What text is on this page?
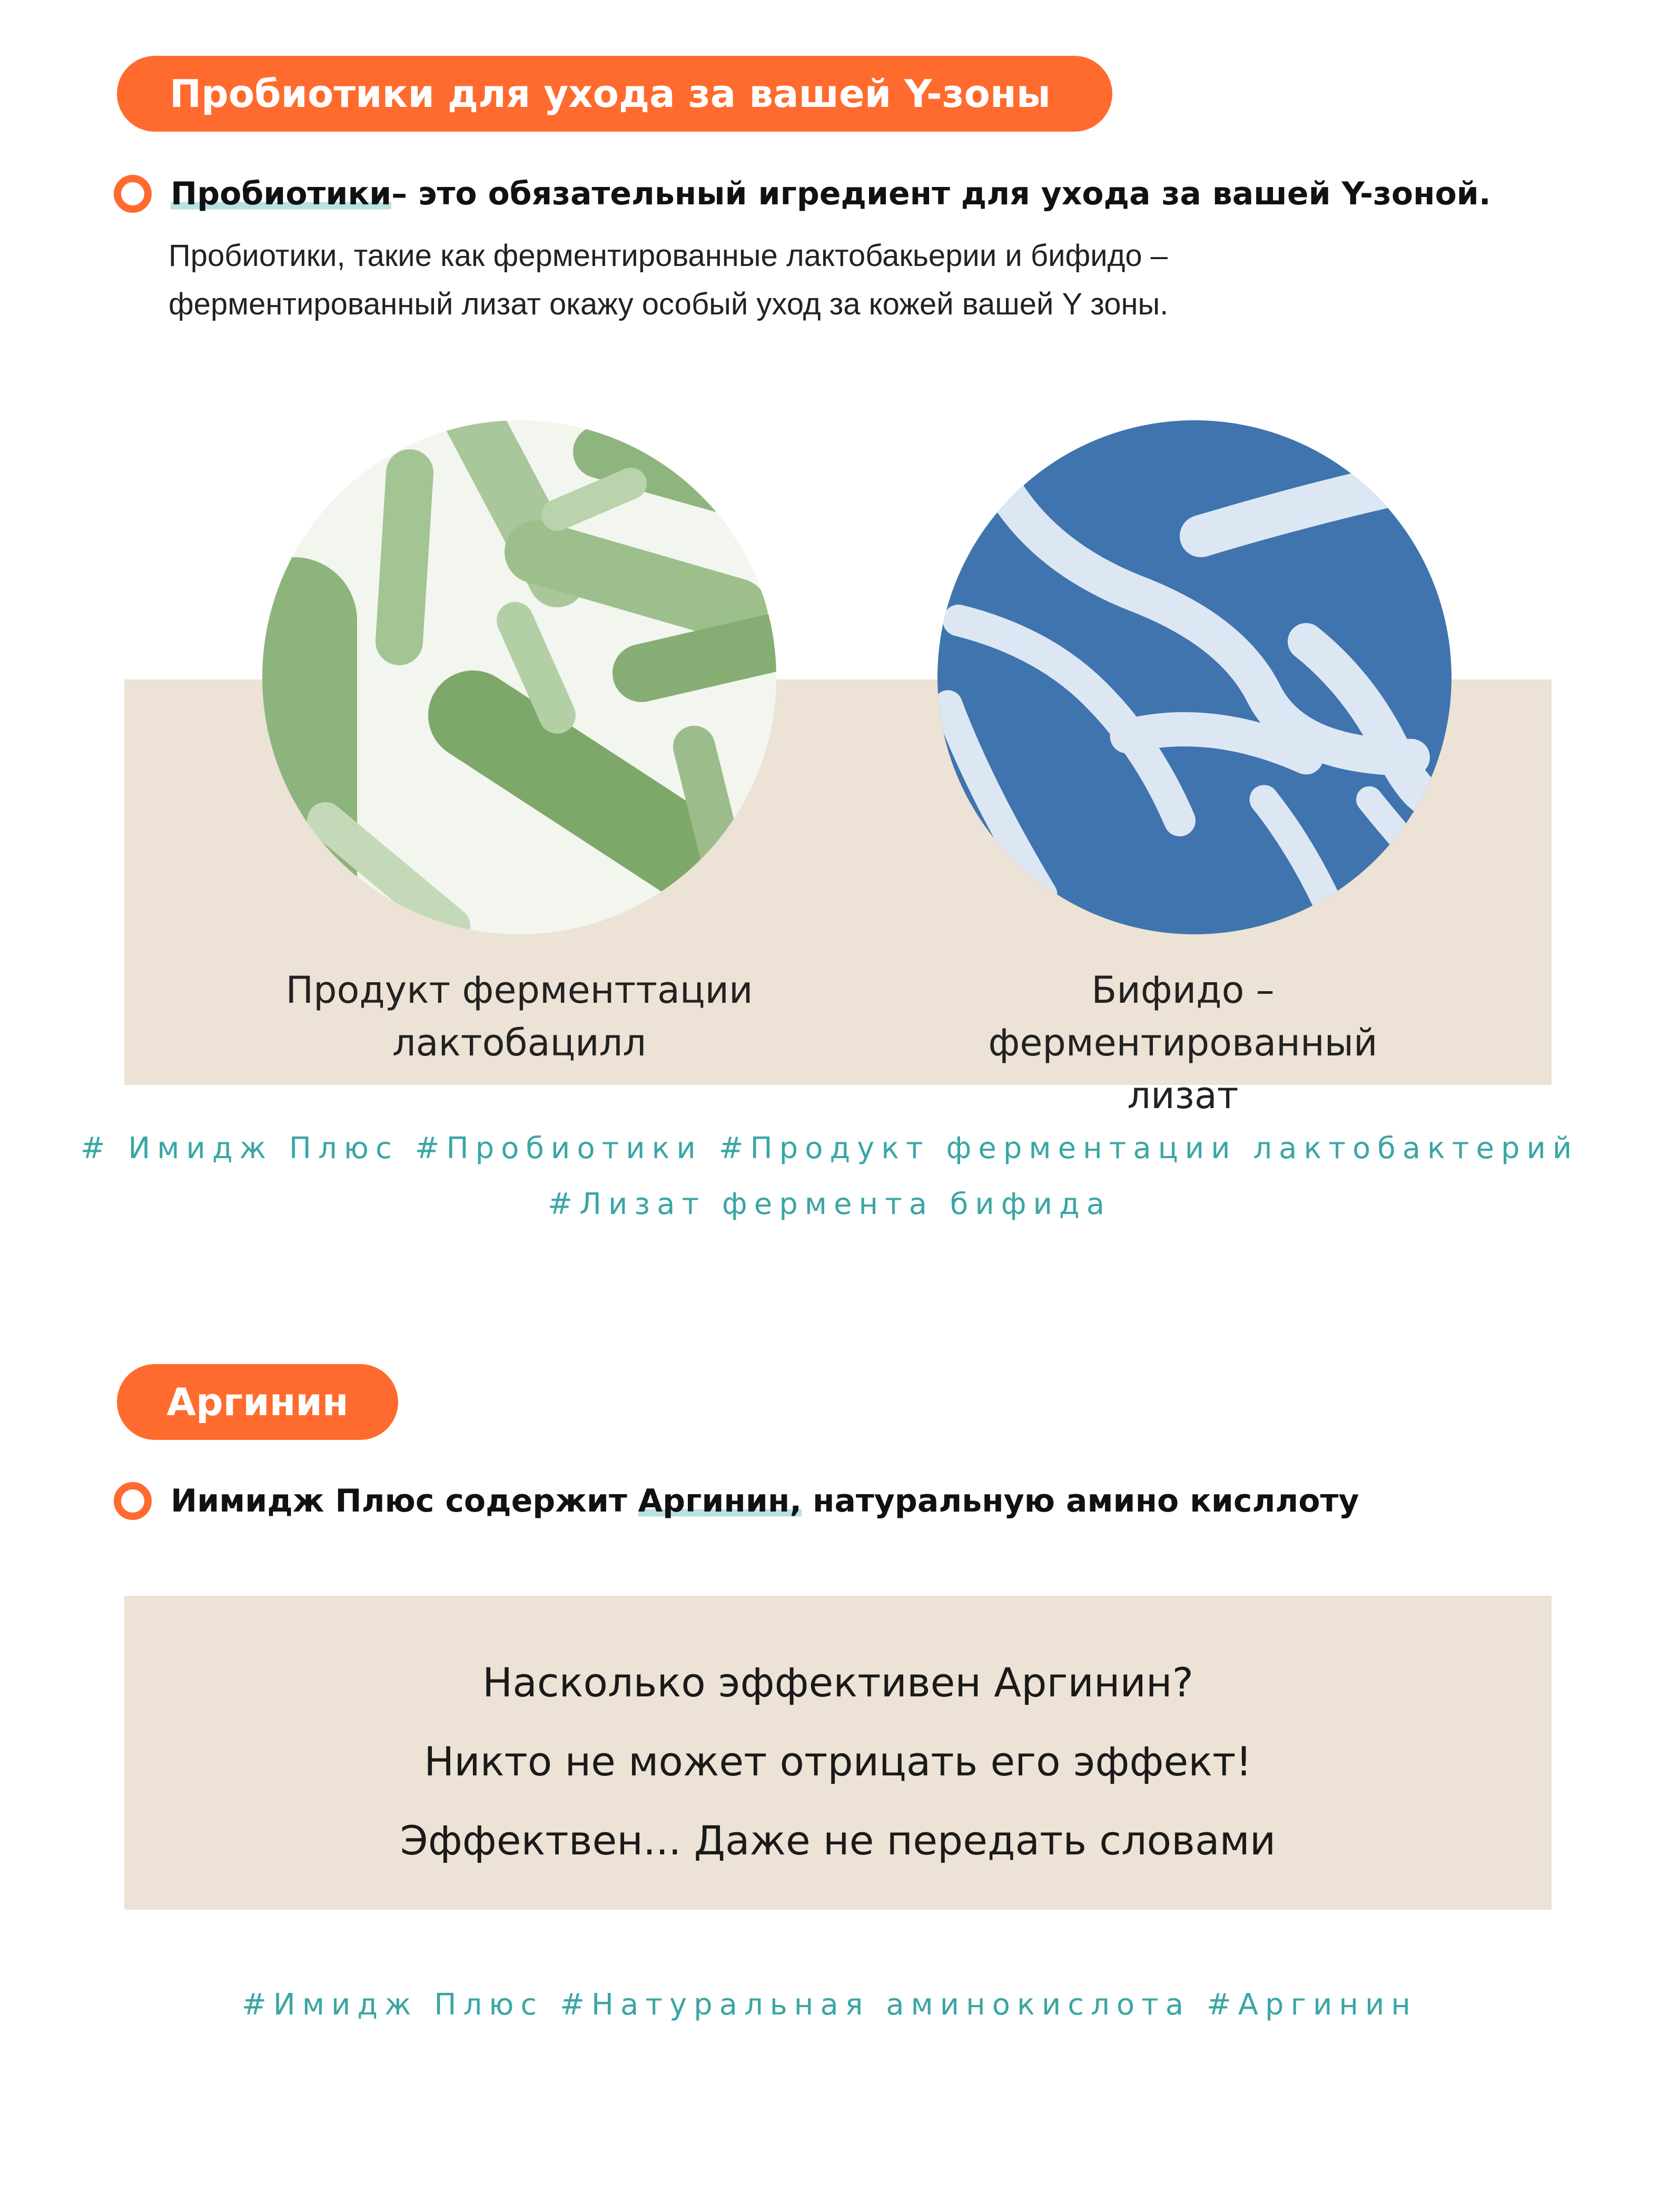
Пробиотики для ухода за вашей Y-зоны
Пробиотики – это обязательный игредиент для ухода за вашей Y-зоной.
Пробиотики, такие как ферментированные лактобакьерии и бифидо –
ферментированный лизат окажу особый уход за кожей вашей Y зоны.
Продукт ферменттации
лактобацилл
Бифидо – ферментированный
лизат
# Имидж Плюс #Пробиотики #Продукт ферментации лактобактерий
#Лизат фермента бифида
Аргинин
Иимидж Плюс содержит Аргинин, натуральную амино кисллоту
Насколько эффективен Аргинин?
Никто не может отрицать его эффект!
Эффектвен... Даже не передать словами
#Имидж Плюс #Натуральная аминокислота #Аргинин
